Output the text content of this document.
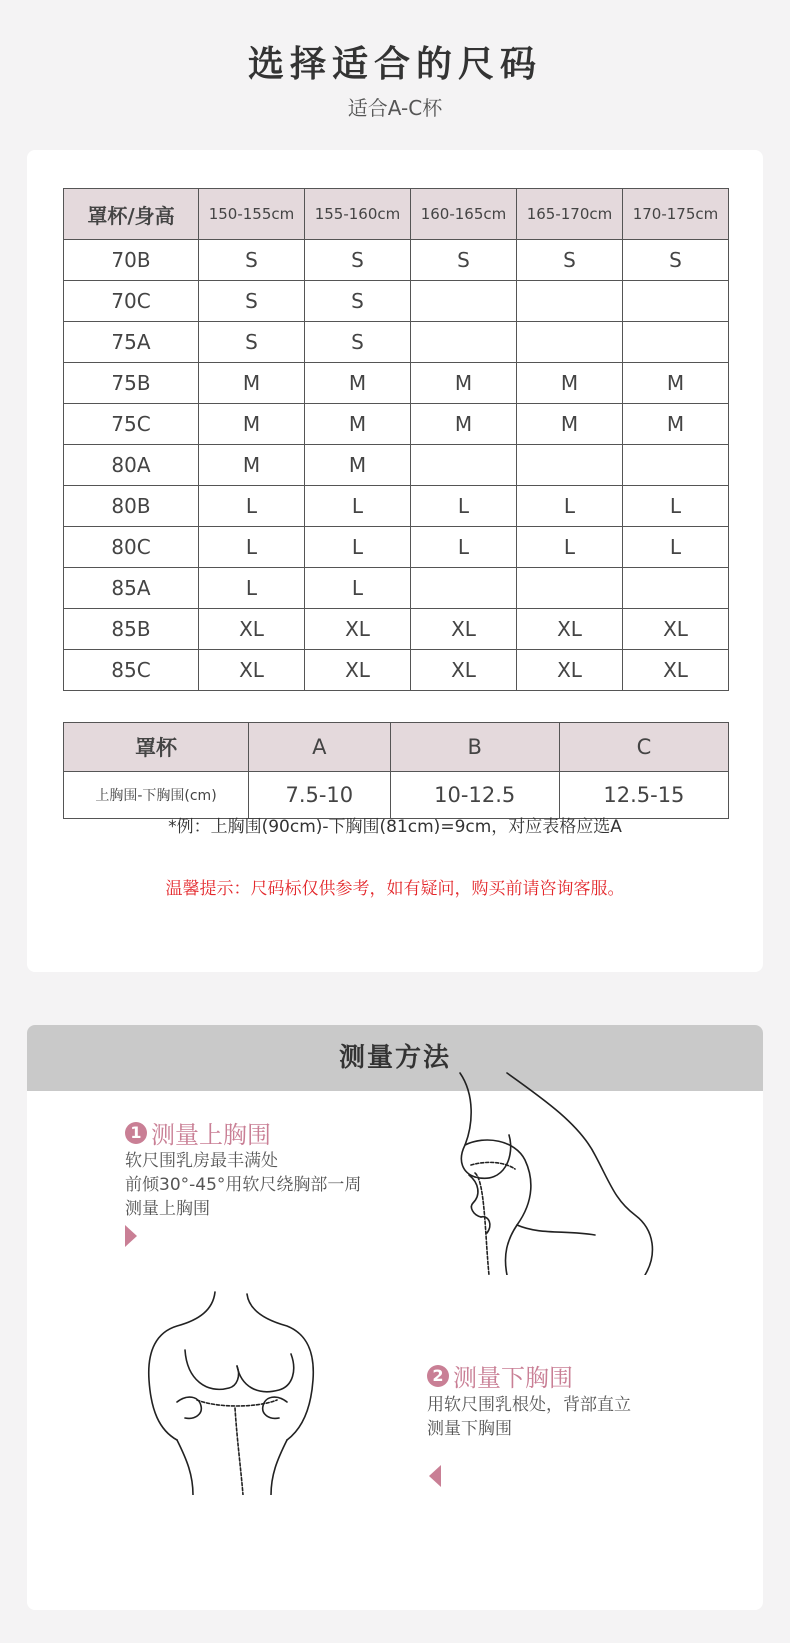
选择适合的尺码
适合A-C杯
罩杯/身高	150-155cm	155-160cm	160-165cm	165-170cm	170-175cm
70B	S	S	S	S	S
70C	S	S			
75A	S	S			
75B	M	M	M	M	M
75C	M	M	M	M	M
80A	M	M			
80B	L	L	L	L	L
80C	L	L	L	L	L
85A	L	L			
85B	XL	XL	XL	XL	XL
85C	XL	XL	XL	XL	XL
罩杯	A	B	C
上胸围-下胸围(cm)	7.5-10	10-12.5	12.5-15
*例：上胸围(90cm)-下胸围(81cm)=9cm，对应表格应选A
温馨提示：尺码标仅供参考，如有疑问，购买前请咨询客服。
测量方法
1 测量上胸围
软尺围乳房最丰满处
前倾30°-45°用软尺绕胸部一周
测量上胸围
2 测量下胸围
用软尺围乳根处，背部直立
测量下胸围
